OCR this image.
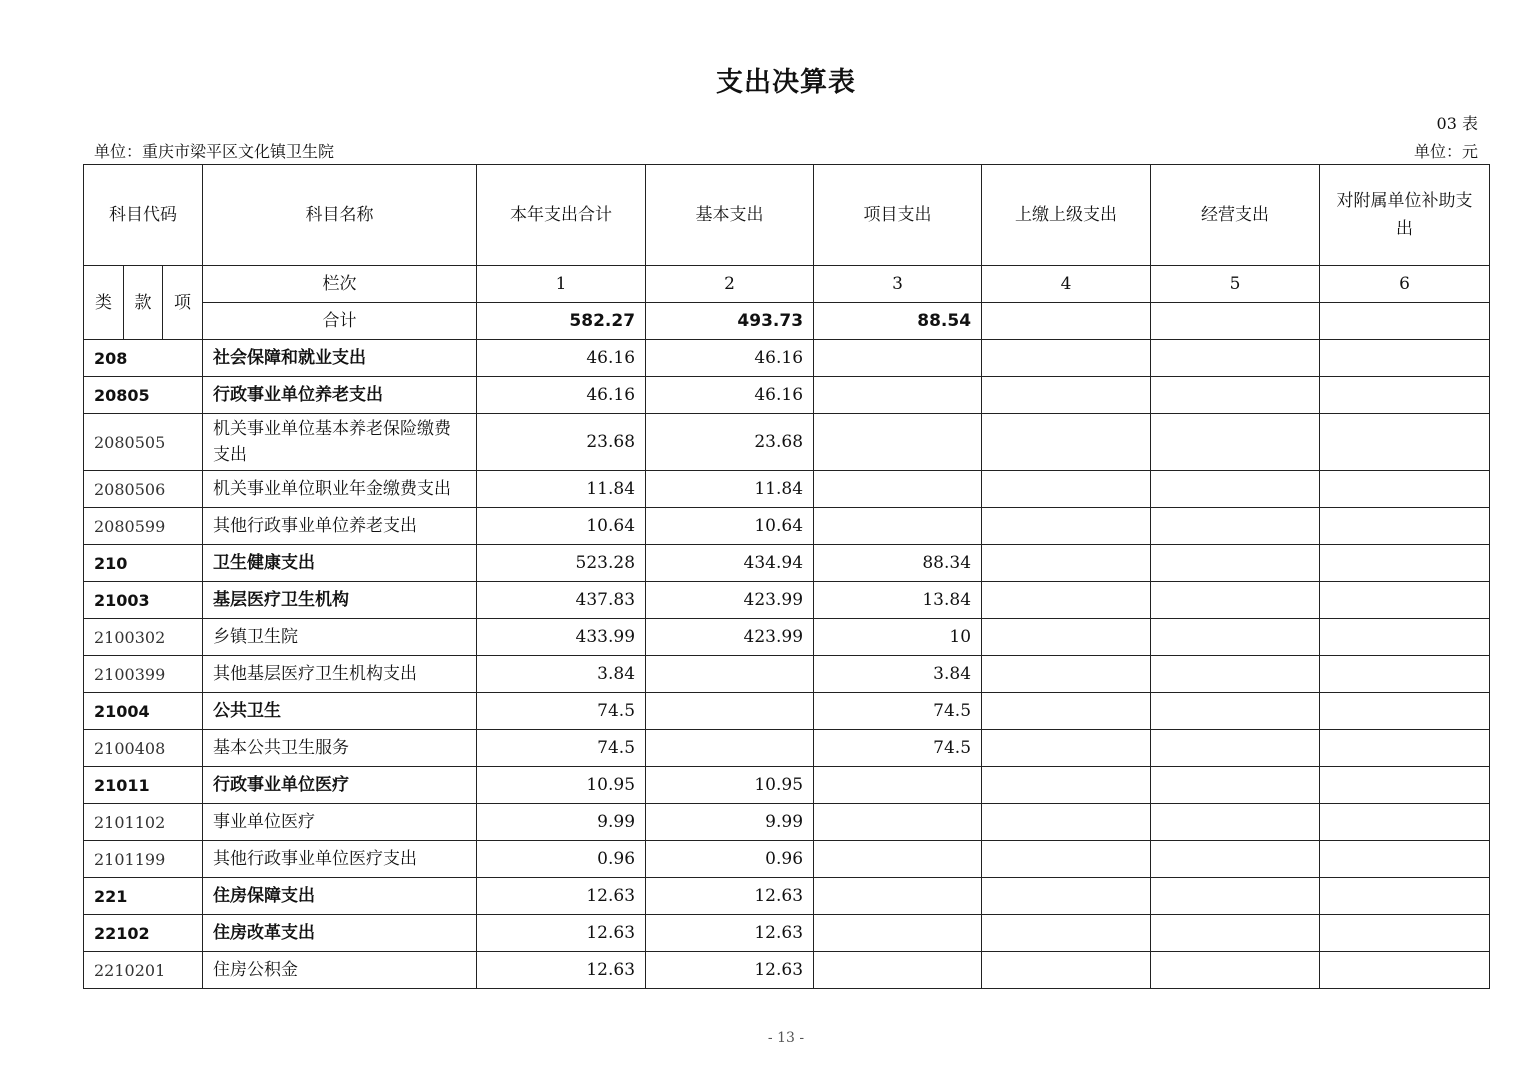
支出决算表
03 表
单位：重庆市梁平区文化镇卫生院	单位：元
科目代码			科目名称	本年支出合计	基本支出	项目支出	上缴上级支出	经营支出	对附属单位补助支出
类	款	项	栏次	1	2	3	4	5	6
			合计	582.27	493.73	88.54			
208			社会保障和就业支出	46.16	46.16				
20805			行政事业单位养老支出	46.16	46.16				
2080505			机关事业单位基本养老保险缴费支出	23.68	23.68				
2080506			机关事业单位职业年金缴费支出	11.84	11.84				
2080599			其他行政事业单位养老支出	10.64	10.64				
210			卫生健康支出	523.28	434.94	88.34			
21003			基层医疗卫生机构	437.83	423.99	13.84			
2100302			乡镇卫生院	433.99	423.99	10			
2100399			其他基层医疗卫生机构支出	3.84		3.84			
21004			公共卫生	74.5		74.5			
2100408			基本公共卫生服务	74.5		74.5			
21011			行政事业单位医疗	10.95	10.95				
2101102			事业单位医疗	9.99	9.99				
2101199			其他行政事业单位医疗支出	0.96	0.96				
221			住房保障支出	12.63	12.63				
22102			住房改革支出	12.63	12.63				
2210201			住房公积金	12.63	12.63				
- 13 -
